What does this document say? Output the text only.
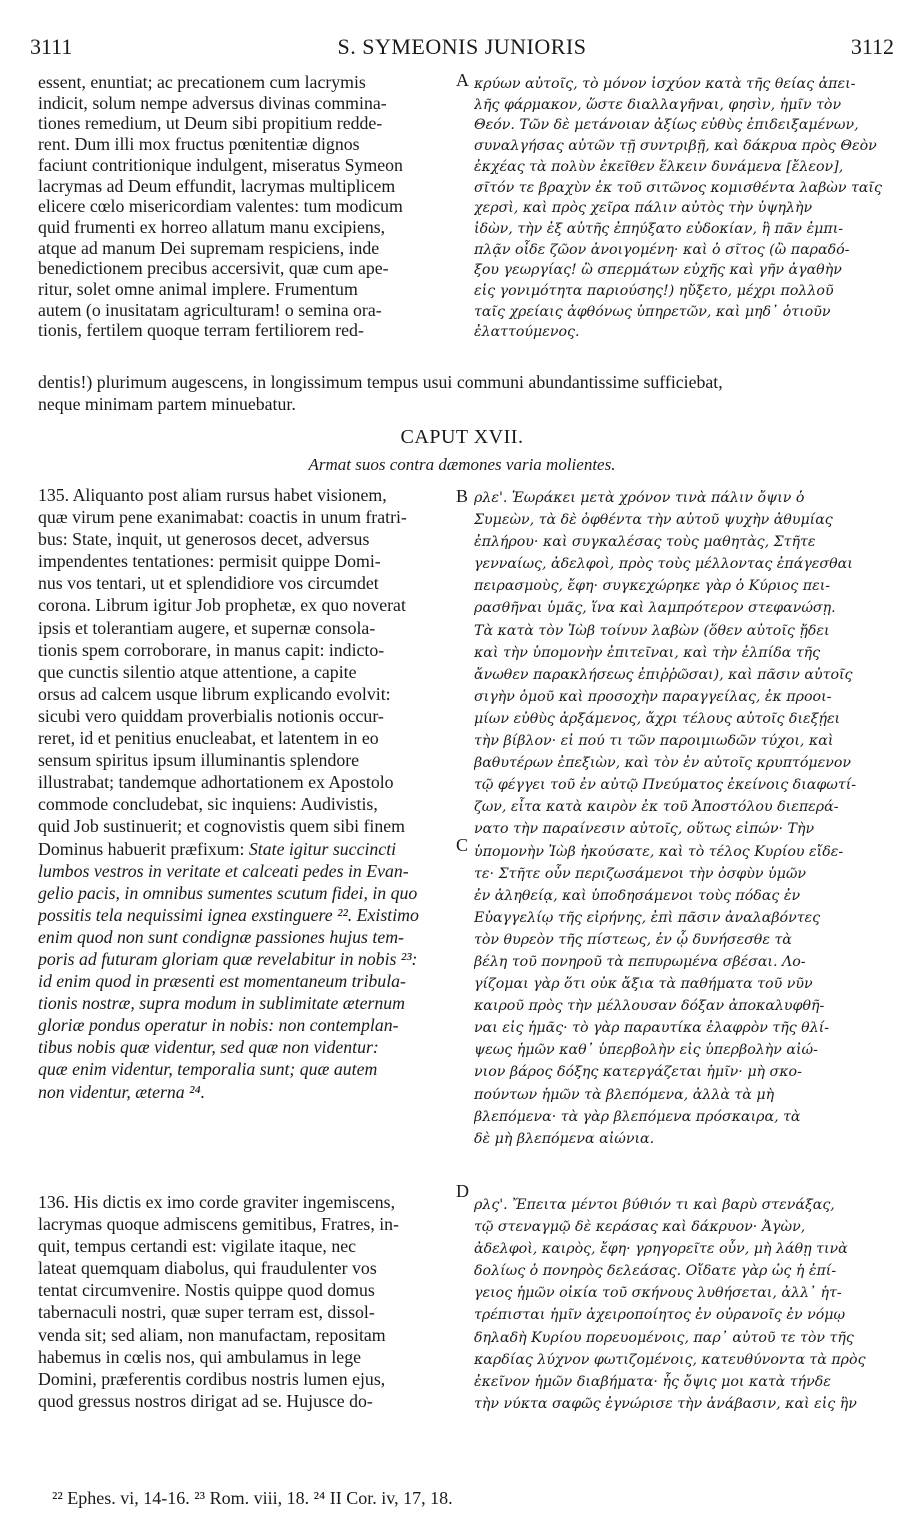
3111	S. SYMEONIS JUNIORIS	3112
essent, enuntiat; ac precationem cum lacrymis
indicit, solum nempe adversus divinas commina-
tiones remedium, ut Deum sibi propitium redde-
rent. Dum illi mox fructus pœnitentiæ dignos
faciunt contritionique indulgent, miseratus Symeon
lacrymas ad Deum effundit, lacrymas multiplicem
elicere cœlo misericordiam valentes: tum modicum
quid frumenti ex horreo allatum manu excipiens,
atque ad manum Dei supremam respiciens, inde
benedictionem precibus accersivit, quæ cum ape-
ritur, solet omne animal implere. Frumentum
autem (o inusitatam agriculturam! o semina ora-
tionis, fertilem quoque terram fertiliorem red-
κρύων αὐτοῖς, τὸ μόνον ἰσχύον κατὰ τῆς θείας ἀπει-
λῆς φάρμακον, ὥστε διαλλαγῆναι, φησὶν, ἡμῖν τὸν
Θεόν. Τῶν δὲ μετάνοιαν ἀξίως εὐθὺς ἐπιδειξαμένων,
συναλγήσας αὐτῶν τῇ συντριβῇ, καὶ δάκρυα πρὸς Θεὸν
ἐκχέας τὰ πολὺν ἐκεῖθεν ἕλκειν δυνάμενα [ἔλεον],
σῖτόν τε βραχὺν ἐκ τοῦ σιτῶνος κομισθέντα λαβὼν ταῖς
χερσὶ, καὶ πρὸς χεῖρα πάλιν αὐτὸς τὴν ὑψηλὴν
ἰδὼν, τὴν ἐξ αὐτῆς ἐπηύξατο εὐδοκίαν, ἣ πᾶν ἐμπι-
πλᾷν οἶδε ζῶον ἀνοιγομένη· καὶ ὁ σῖτος (ὢ παραδό-
ξου γεωργίας! ὢ σπερμάτων εὐχῆς καὶ γῆν ἀγαθὴν
εἰς γονιμότητα παριούσης!) ηὔξετο, μέχρι πολλοῦ
ταῖς χρείαις ἀφθόνως ὑπηρετῶν, καὶ μηδ᾿ ὁτιοῦν
ἐλαττούμενος.
dentis!) plurimum augescens, in longissimum tempus usui communi abundantissime sufficiebat,
neque minimam partem minuebatur.
A
CAPUT XVII.
Armat suos contra dæmones varia molientes.
135. Aliquanto post aliam rursus habet visionem,
quæ virum pene exanimabat: coactis in unum fratri-
bus: State, inquit, ut generosos decet, adversus
impendentes tentationes: permisit quippe Domi-
nus vos tentari, ut et splendidiore vos circumdet
corona. Librum igitur Job prophetæ, ex quo noverat
ipsis et tolerantiam augere, et supernæ consola-
tionis spem corroborare, in manus capit: indicto-
que cunctis silentio atque attentione, a capite
orsus ad calcem usque librum explicando evolvit:
sicubi vero quiddam proverbialis notionis occur-
reret, id et penitius enucleabat, et latentem in eo
sensum spiritus ipsum illuminantis splendore
illustrabat; tandemque adhortationem ex Apostolo
commode concludebat, sic inquiens: Audivistis,
quid Job sustinuerit; et cognovistis quem sibi finem
Dominus habuerit præfixum: State igitur succincti
lumbos vestros in veritate et calceati pedes in Evan-
gelio pacis, in omnibus sumentes scutum fidei, in quo
possitis tela nequissimi ignea exstinguere ²². Existimo
enim quod non sunt condignæ passiones hujus tem-
poris ad futuram gloriam quæ revelabitur in nobis ²³:
id enim quod in præsenti est momentaneum tribula-
tionis nostræ, supra modum in sublimitate æternum
gloriæ pondus operatur in nobis: non contemplan-
tibus nobis quæ videntur, sed quæ non videntur:
quæ enim videntur, temporalia sunt; quæ autem
non videntur, æterna ²⁴.
ρλε'. Ἑωράκει μετὰ χρόνον τινὰ πάλιν ὄψιν ὁ
Συμεὼν, τὰ δὲ ὀφθέντα τὴν αὐτοῦ ψυχὴν ἀθυμίας
ἐπλήρου· καὶ συγκαλέσας τοὺς μαθητὰς, Στῆτε
γενναίως, ἀδελφοὶ, πρὸς τοὺς μέλλοντας ἐπάγεσθαι
πειρασμοὺς, ἔφη· συγκεχώρηκε γὰρ ὁ Κύριος πει-
ρασθῆναι ὑμᾶς, ἵνα καὶ λαμπρότερον στεφανώσῃ.
Τὰ κατὰ τὸν Ἰὼβ τοίνυν λαβὼν (ὅθεν αὐτοῖς ᾔδει
καὶ τὴν ὑπομονὴν ἐπιτεῖναι, καὶ τὴν ἐλπίδα τῆς
ἄνωθεν παρακλήσεως ἐπιῤῥῶσαι), καὶ πᾶσιν αὐτοῖς
σιγὴν ὁμοῦ καὶ προσοχὴν παραγγείλας, ἐκ προοι-
μίων εὐθὺς ἀρξάμενος, ἄχρι τέλους αὐτοῖς διεξῄει
τὴν βίβλον· εἰ πού τι τῶν παροιμιωδῶν τύχοι, καὶ
βαθυτέρων ἐπεξιὼν, καὶ τὸν ἐν αὐτοῖς κρυπτόμενον
τῷ φέγγει τοῦ ἐν αὐτῷ Πνεύματος ἐκείνοις διαφωτί-
ζων, εἶτα κατὰ καιρὸν ἐκ τοῦ Ἀποστόλου διεπερά-
νατο τὴν παραίνεσιν αὐτοῖς, οὕτως εἰπών· Τὴν
ὑπομονὴν Ἰὼβ ἠκούσατε, καὶ τὸ τέλος Κυρίου εἴδε-
τε· Στῆτε οὖν περιζωσάμενοι τὴν ὀσφὺν ὑμῶν
ἐν ἀληθείᾳ, καὶ ὑποδησάμενοι τοὺς πόδας ἐν
Εὐαγγελίῳ τῆς εἰρήνης, ἐπὶ πᾶσιν ἀναλαβόντες
τὸν θυρεὸν τῆς πίστεως, ἐν ᾧ δυνήσεσθε τὰ
βέλη τοῦ πονηροῦ τὰ πεπυρωμένα σβέσαι. Λο-
γίζομαι γὰρ ὅτι οὐκ ἄξια τὰ παθήματα τοῦ νῦν
καιροῦ πρὸς τὴν μέλλουσαν δόξαν ἀποκαλυφθῆ-
ναι εἰς ἡμᾶς· τὸ γὰρ παραυτίκα ἐλαφρὸν τῆς θλί-
ψεως ἡμῶν καθ᾿ ὑπερβολὴν εἰς ὑπερβολὴν αἰώ-
νιον βάρος δόξης κατεργάζεται ἡμῖν· μὴ σκο-
πούντων ἡμῶν τὰ βλεπόμενα, ἀλλὰ τὰ μὴ
βλεπόμενα· τὰ γὰρ βλεπόμενα πρόσκαιρα, τὰ
δὲ μὴ βλεπόμενα αἰώνια.
B
C
D
136. His dictis ex imo corde graviter ingemiscens,
lacrymas quoque admiscens gemitibus, Fratres, in-
quit, tempus certandi est: vigilate itaque, nec
lateat quemquam diabolus, qui fraudulenter vos
tentat circumvenire. Nostis quippe quod domus
tabernaculi nostri, quæ super terram est, dissol-
venda sit; sed aliam, non manufactam, repositam
habemus in cœlis nos, qui ambulamus in lege
Domini, præferentis cordibus nostris lumen ejus,
quod gressus nostros dirigat ad se. Hujusce do-
ρλς'. Ἔπειτα μέντοι βύθιόν τι καὶ βαρὺ στενάξας,
τῷ στεναγμῷ δὲ κεράσας καὶ δάκρυον· Ἀγὼν,
ἀδελφοὶ, καιρὸς, ἔφη· γρηγορεῖτε οὖν, μὴ λάθῃ τινὰ
δολίως ὁ πονηρὸς δελεάσας. Οἴδατε γὰρ ὡς ἡ ἐπί-
γειος ἡμῶν οἰκία τοῦ σκήνους λυθήσεται, ἀλλ᾿ ἡτ-
τρέπισται ἡμῖν ἀχειροποίητος ἐν οὐρανοῖς ἐν νόμῳ
δηλαδὴ Κυρίου πορευομένοις, παρ᾿ αὐτοῦ τε τὸν τῆς
καρδίας λύχνον φωτιζομένοις, κατευθύνοντα τὰ πρὸς
ἐκεῖνον ἡμῶν διαβήματα· ἧς ὄψις μοι κατὰ τήνδε
τὴν νύκτα σαφῶς ἐγνώρισε τὴν ἀνάβασιν, καὶ εἰς ἣν
²² Ephes. vi, 14-16. ²³ Rom. viii, 18. ²⁴ II Cor. iv, 17, 18.
